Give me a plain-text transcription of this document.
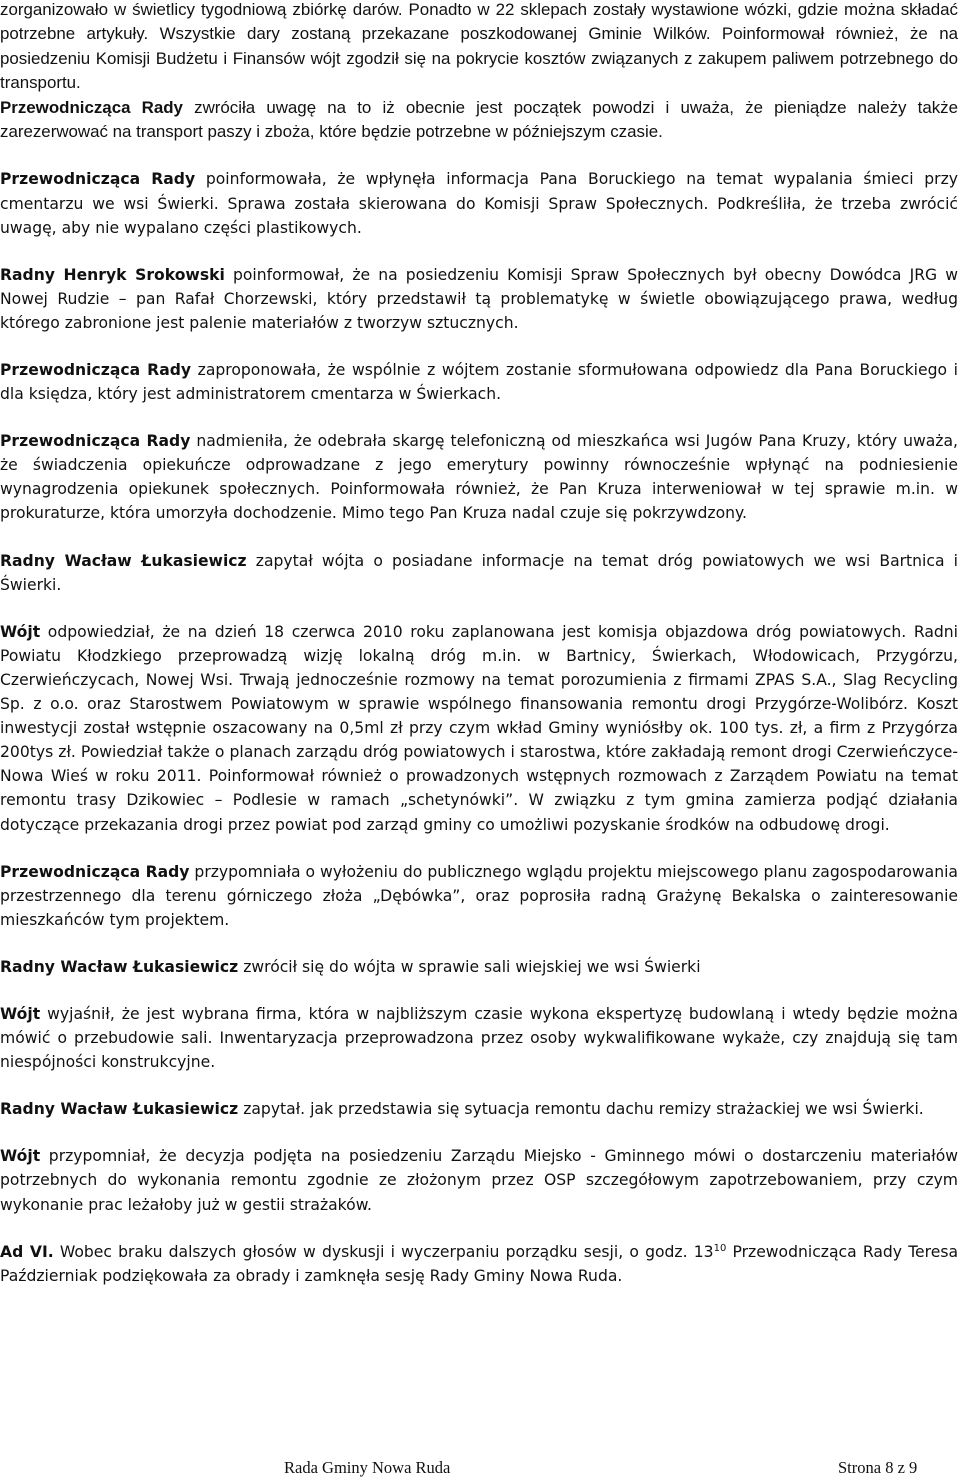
zorganizowało w świetlicy tygodniową zbiórkę darów. Ponadto w 22 sklepach zostały wystawione wózki, gdzie można składać potrzebne artykuły. Wszystkie dary zostaną przekazane poszkodowanej Gminie Wilków. Poinformował również, że na posiedzeniu Komisji Budżetu i Finansów wójt zgodził się na pokrycie kosztów związanych z zakupem paliwem potrzebnego do transportu.

Przewodnicząca Rady zwróciła uwagę na to iż obecnie jest początek powodzi i uważa, że pieniądze należy także zarezerwować na transport paszy i zboża, które będzie potrzebne w późniejszym czasie.

Przewodnicząca Rady poinformowała, że wpłynęła informacja Pana Boruckiego na temat wypalania śmieci przy cmentarzu we wsi Świerki. Sprawa została skierowana do Komisji Spraw Społecznych. Podkreśliła, że trzeba zwrócić uwagę, aby nie wypalano części plastikowych.

Radny Henryk Srokowski poinformował, że na posiedzeniu Komisji Spraw Społecznych był obecny Dowódca JRG w Nowej Rudzie – pan Rafał Chorzewski, który przedstawił tą problematykę w świetle obowiązującego prawa, według którego zabronione jest palenie materiałów z tworzyw sztucznych.

Przewodnicząca Rady zaproponowała, że wspólnie z wójtem zostanie sformułowana odpowiedz dla Pana Boruckiego i dla księdza, który jest administratorem cmentarza w Świerkach.

Przewodnicząca Rady nadmieniła, że odebrała skargę telefoniczną od mieszkańca wsi Jugów Pana Kruzy, który uważa, że świadczenia opiekuńcze odprowadzane z jego emerytury powinny równocześnie wpłynąć na podniesienie wynagrodzenia opiekunek społecznych. Poinformowała również, że Pan Kruza interweniował w tej sprawie m.in. w prokuraturze, która umorzyła dochodzenie. Mimo tego Pan Kruza nadal czuje się pokrzywdzony.

Radny Wacław Łukasiewicz zapytał wójta o posiadane informacje na temat dróg powiatowych we wsi Bartnica i Świerki.

Wójt odpowiedział, że na dzień 18 czerwca 2010 roku zaplanowana jest komisja objazdowa dróg powiatowych. Radni Powiatu Kłodzkiego przeprowadzą wizję lokalną dróg m.in. w Bartnicy, Świerkach, Włodowicach, Przygórzu, Czerwieńczycach, Nowej Wsi. Trwają jednocześnie rozmowy na temat porozumienia z firmami ZPAS S.A., Slag Recycling Sp. z o.o. oraz Starostwem Powiatowym w sprawie wspólnego finansowania remontu drogi Przygórze-Wolibórz. Koszt inwestycji został wstępnie oszacowany na 0,5ml zł przy czym wkład Gminy wyniósłby ok. 100 tys. zł, a firm z Przygórza 200tys zł. Powiedział także o planach zarządu dróg powiatowych i starostwa, które zakładają remont drogi Czerwieńczyce-Nowa Wieś w roku 2011. Poinformował również o prowadzonych wstępnych rozmowach z Zarządem Powiatu na temat remontu trasy Dzikowiec – Podlesie w ramach „schetynówki”. W związku z tym gmina zamierza podjąć działania dotyczące przekazania drogi przez powiat pod zarząd gminy co umożliwi pozyskanie środków na odbudowę drogi.

Przewodnicząca Rady przypomniała o wyłożeniu do publicznego wglądu projektu miejscowego planu zagospodarowania przestrzennego dla terenu górniczego złoża „Dębówka”, oraz poprosiła radną Grażynę Bekalska o zainteresowanie mieszkańców tym projektem.

Radny Wacław Łukasiewicz zwrócił się do wójta w sprawie sali wiejskiej we wsi Świerki

Wójt wyjaśnił, że jest wybrana firma, która w najbliższym czasie wykona ekspertyzę budowlaną i wtedy będzie można mówić o przebudowie sali. Inwentaryzacja przeprowadzona przez osoby wykwalifikowane wykaże, czy znajdują się tam niespójności konstrukcyjne.

Radny Wacław Łukasiewicz zapytał. jak przedstawia się sytuacja remontu dachu remizy strażackiej we wsi Świerki.

Wójt przypomniał, że decyzja podjęta na posiedzeniu Zarządu Miejsko - Gminnego mówi o dostarczeniu materiałów potrzebnych do wykonania remontu zgodnie ze złożonym przez OSP szczegółowym zapotrzebowaniem, przy czym wykonanie prac leżałoby już w gestii strażaków.

Ad VI. Wobec braku dalszych głosów w dyskusji i wyczerpaniu porządku sesji, o godz. $13^{10}$ Przewodnicząca Rady Teresa Październiak podziękowała za obrady i zamknęła sesję Rady Gminy Nowa Ruda.

Rada Gminy Nowa Ruda	Strona 8 z 9
